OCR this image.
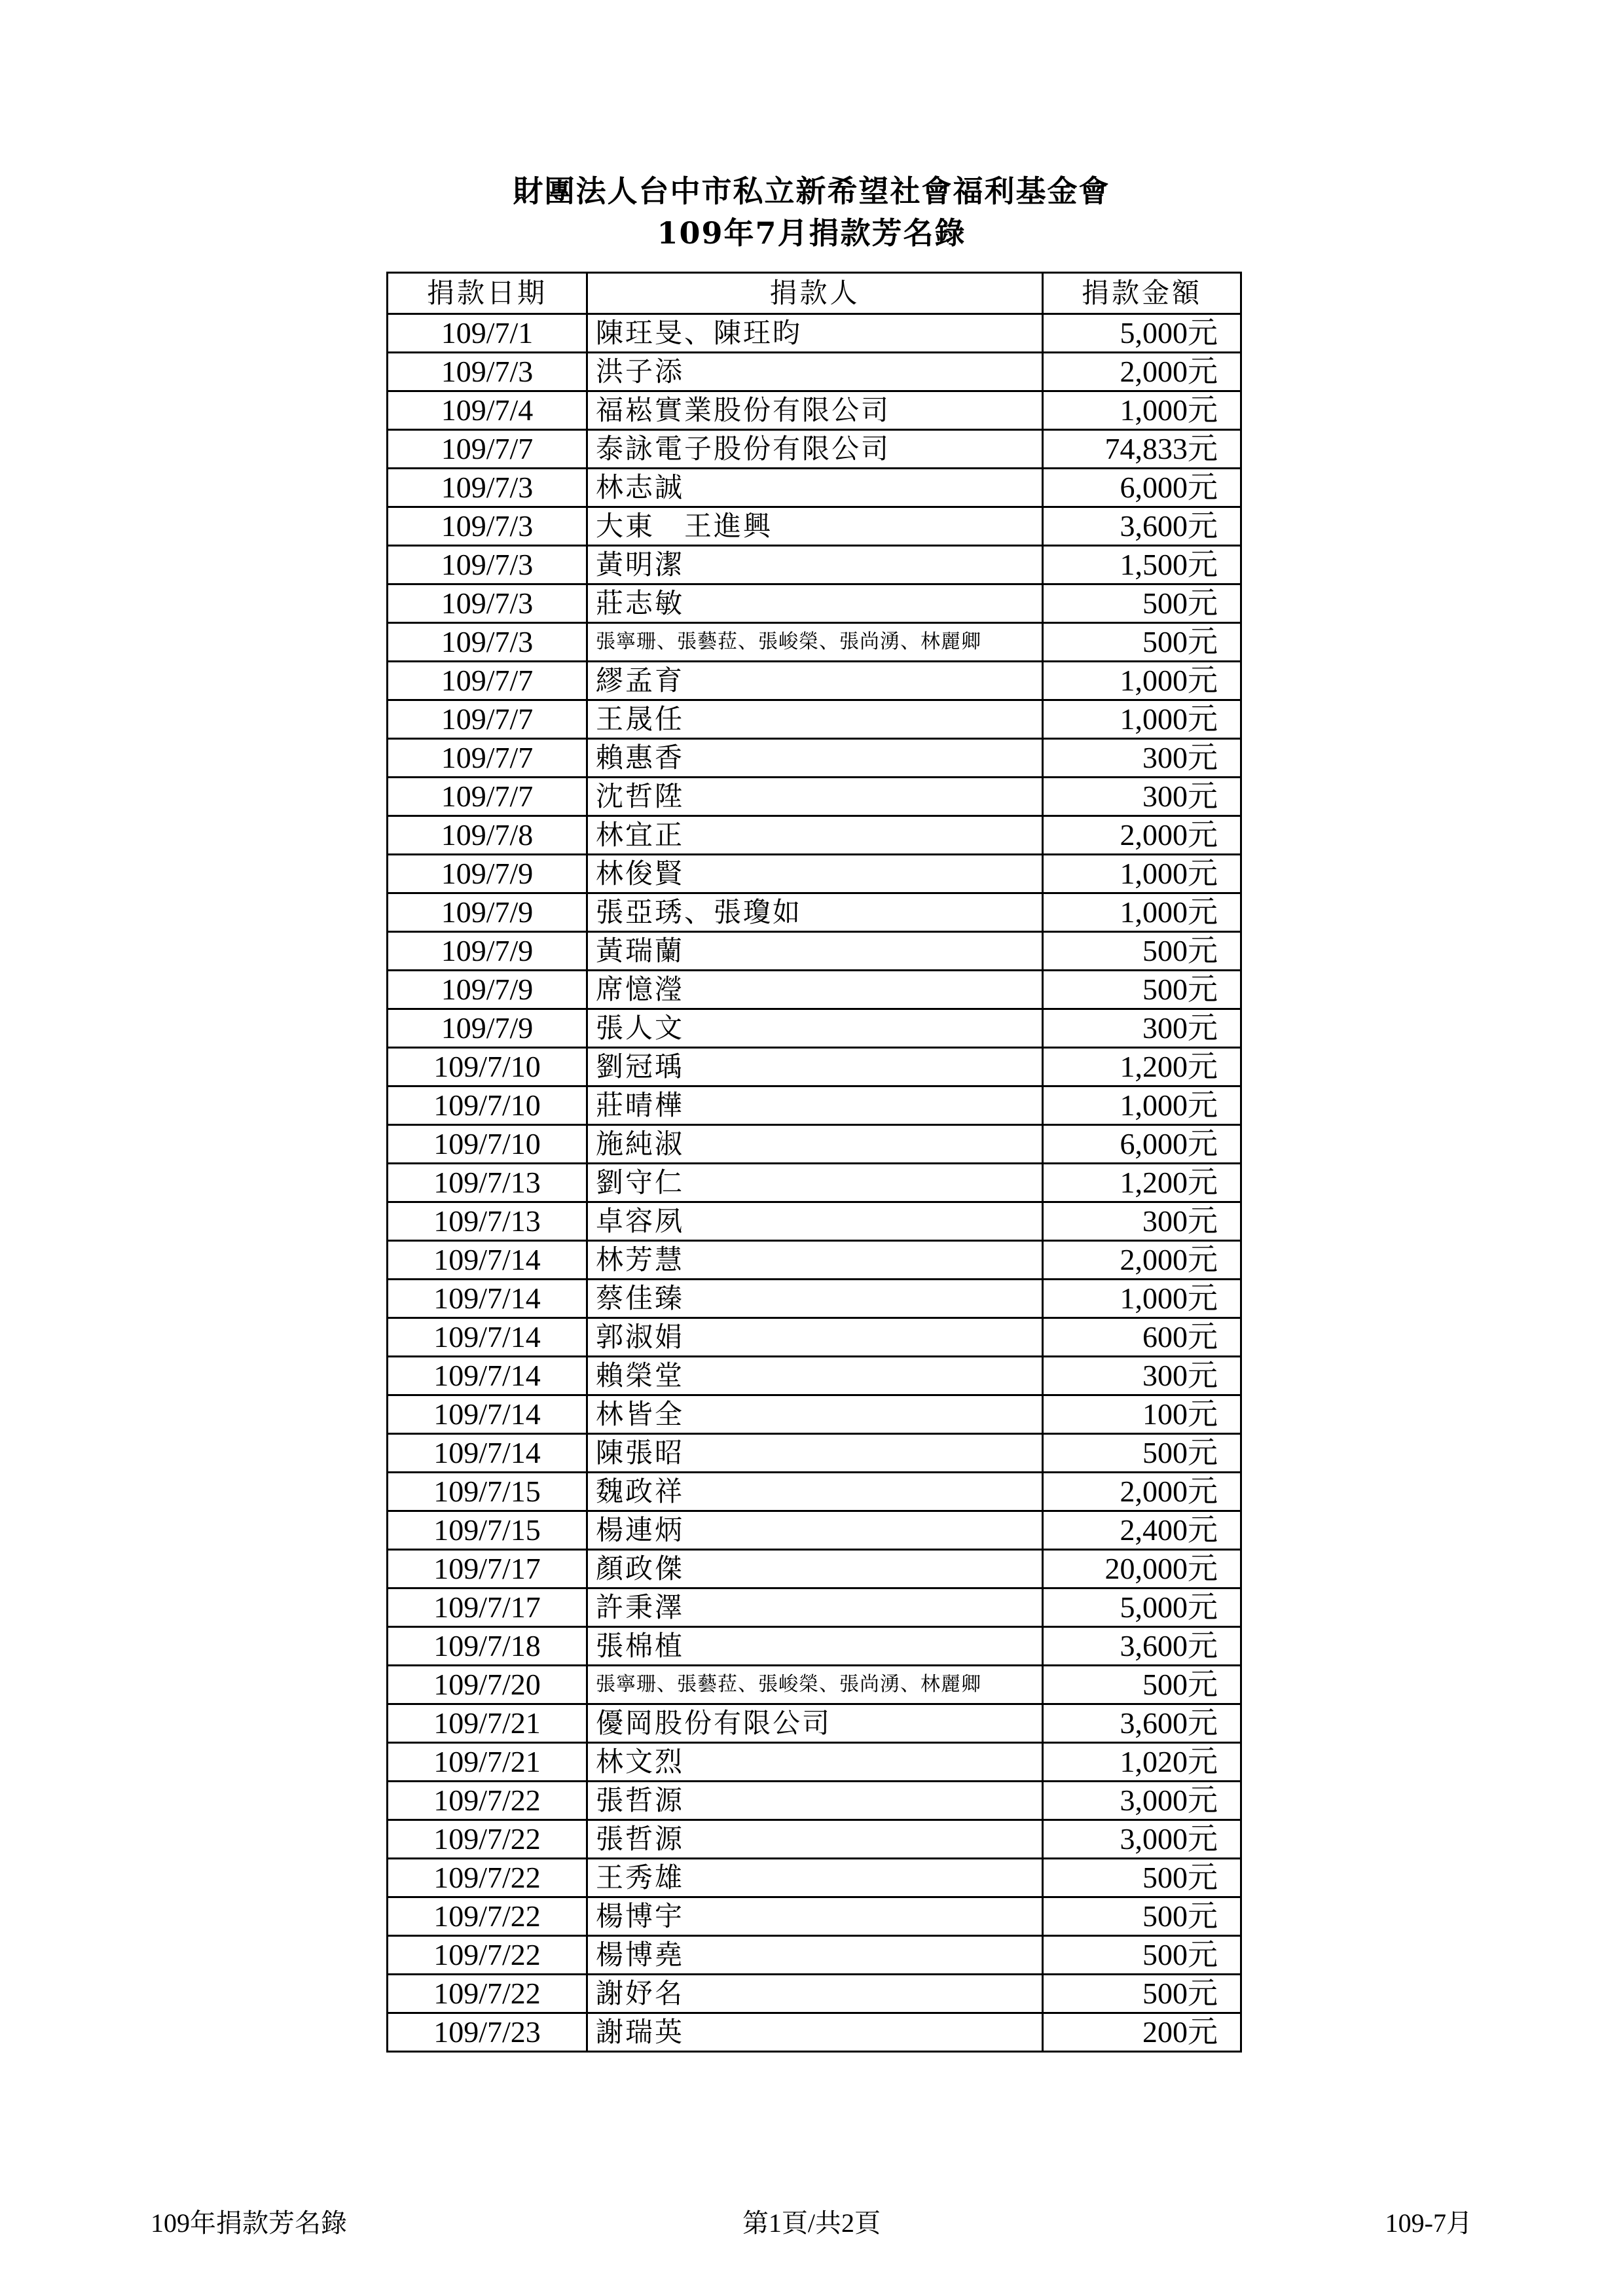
財團法人台中市私立新希望社會福利基金會
109年7月捐款芳名錄
捐款日期	捐款人	捐款金額
109/7/1	陳玨旻、陳玨昀	5,000元
109/7/3	洪子添	2,000元
109/7/4	福崧實業股份有限公司	1,000元
109/7/7	泰詠電子股份有限公司	74,833元
109/7/3	林志誠	6,000元
109/7/3	大東　王進興	3,600元
109/7/3	黃明潔	1,500元
109/7/3	莊志敏	500元
109/7/3	張寧珊、張藝菈、張峻榮、張尚湧、林麗卿	500元
109/7/7	繆孟育	1,000元
109/7/7	王晟任	1,000元
109/7/7	賴惠香	300元
109/7/7	沈哲陞	300元
109/7/8	林宜正	2,000元
109/7/9	林俊賢	1,000元
109/7/9	張亞琇、張瓊如	1,000元
109/7/9	黃瑞蘭	500元
109/7/9	席憶瀅	500元
109/7/9	張人文	300元
109/7/10	劉冠瑀	1,200元
109/7/10	莊晴樺	1,000元
109/7/10	施純淑	6,000元
109/7/13	劉守仁	1,200元
109/7/13	卓容夙	300元
109/7/14	林芳慧	2,000元
109/7/14	蔡佳臻	1,000元
109/7/14	郭淑娟	600元
109/7/14	賴榮堂	300元
109/7/14	林皆全	100元
109/7/14	陳張昭	500元
109/7/15	魏政祥	2,000元
109/7/15	楊連炳	2,400元
109/7/17	顏政傑	20,000元
109/7/17	許秉澤	5,000元
109/7/18	張棉植	3,600元
109/7/20	張寧珊、張藝菈、張峻榮、張尚湧、林麗卿	500元
109/7/21	優岡股份有限公司	3,600元
109/7/21	林文烈	1,020元
109/7/22	張哲源	3,000元
109/7/22	張哲源	3,000元
109/7/22	王秀雄	500元
109/7/22	楊博宇	500元
109/7/22	楊博堯	500元
109/7/22	謝妤名	500元
109/7/23	謝瑞英	200元
109年捐款芳名錄	第1頁/共2頁	109-7月
